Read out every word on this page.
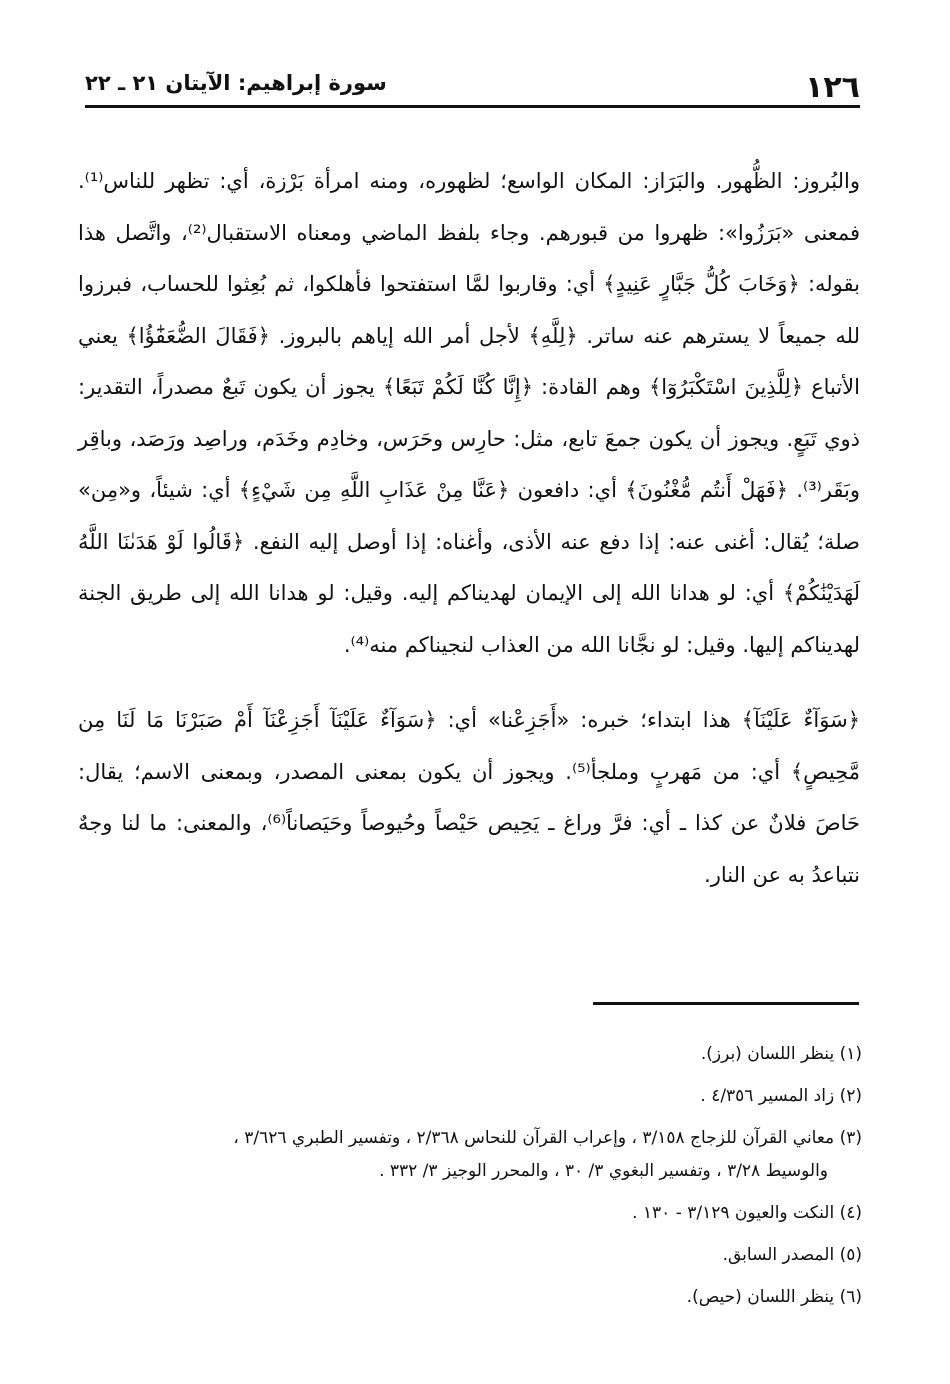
١٢٦
سورة إبراهيم: الآيتان ٢١ ـ ٢٢

والبُروز: الظُّهور. والبَرَاز: المكان الواسع؛ لظهوره، ومنه امرأة بَرْزة، أي: تظهر للناس⁽¹⁾. فمعنى «بَرَزُوا»: ظهروا من قبورهم. وجاء بلفظ الماضي ومعناه الاستقبال⁽²⁾، واتَّصل هذا بقوله: ﴿وَخَابَ كُلُّ جَبَّارٍ عَنِيدٍ﴾ أي: وقاربوا لمَّا استفتحوا فأهلكوا، ثم بُعِثوا للحساب، فبرزوا لله جميعاً لا يسترهم عنه ساتر. ﴿لِلَّهِ﴾ لأجل أمر الله إياهم بالبروز. ﴿فَقَالَ الضُّعَفَٰٓؤُا﴾ يعني الأتباع ﴿لِلَّذِينَ اسْتَكْبَرُوٓا﴾ وهم القادة: ﴿إِنَّا كُنَّا لَكُمْ تَبَعًا﴾ يجوز أن يكون تَبعٌ مصدراً، التقدير: ذوي تَبَعٍ. ويجوز أن يكون جمعَ تابع، مثل: حارِس وحَرَس، وخادِم وخَدَم، وراصِد ورَصَد، وباقِر وبَقَر⁽³⁾. ﴿فَهَلْ أَنتُم مُّغْنُونَ﴾ أي: دافعون ﴿عَنَّا مِنْ عَذَابِ اللَّهِ مِن شَيْءٍ﴾ أي: شيئاً، و«مِن» صلة؛ يُقال: أغنى عنه: إذا دفع عنه الأذى، وأغناه: إذا أوصل إليه النفع. ﴿قَالُوا لَوْ هَدَىٰنَا اللَّهُ لَهَدَيْنَٰكُمْ﴾ أي: لو هدانا الله إلى الإيمان لهديناكم إليه. وقيل: لو هدانا الله إلى طريق الجنة لهديناكم إليها. وقيل: لو نجَّانا الله من العذاب لنجيناكم منه⁽⁴⁾.

﴿سَوَآءٌ عَلَيْنَآ﴾ هذا ابتداء؛ خبره: «أَجَزِعْنا» أي: ﴿سَوَآءٌ عَلَيْنَآ أَجَزِعْنَآ أَمْ صَبَرْنَا مَا لَنَا مِن مَّحِيصٍ﴾ أي: من مَهربٍ وملجأ⁽⁵⁾. ويجوز أن يكون بمعنى المصدر، وبمعنى الاسم؛ يقال: حَاصَ فلانٌ عن كذا ـ أي: فرَّ وراغ ـ يَحِيص حَيْصاً وحُيوصاً وحَيَصاناً⁽⁶⁾، والمعنى: ما لنا وجهٌ نتباعدُ به عن النار.

(١) ينظر اللسان (برز).

(٢) زاد المسير ٤/٣٥٦ .

(٣) معاني القرآن للزجاج ٣/١٥٨ ، وإعراب القرآن للنحاس ٢/٣٦٨ ، وتفسير الطبري ٣/٦٢٦ ،
والوسيط ٣/٢٨ ، وتفسير البغوي ٣/ ٣٠ ، والمحرر الوجيز ٣/ ٣٣٢ .

(٤) النكت والعيون ٣/١٢٩ - ١٣٠ .

(٥) المصدر السابق.

(٦) ينظر اللسان (حيص).
